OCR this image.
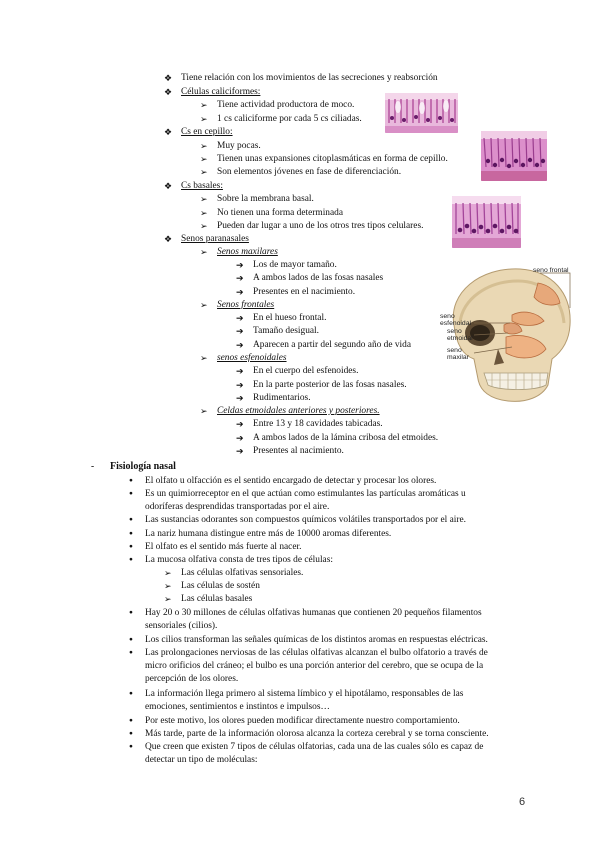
❖ Tiene relación con los movimientos de las secreciones y reabsorción
❖ Células caliciformes:
➢ Tiene actividad productora de moco.
➢ 1 cs caliciforme por cada 5 cs ciliadas.
❖ Cs en cepillo:
➢ Muy pocas.
➢ Tienen unas expansiones citoplasmáticas en forma de cepillo.
➢ Son elementos jóvenes en fase de diferenciación.
❖ Cs basales:
➢ Sobre la membrana basal.
➢ No tienen una forma determinada
➢ Pueden dar lugar a uno de los otros tres tipos celulares.
❖ Senos paranasales
➢ Senos maxilares
➔ Los de mayor tamaño.
➔ A ambos lados de las fosas nasales
➔ Presentes en el nacimiento.
➢ Senos frontales
➔ En el hueso frontal.
➔ Tamaño desigual.
➔ Aparecen a partir del segundo año de vida
➢ senos esfenoidales
➔ En el cuerpo del esfenoides.
➔ En la parte posterior de las fosas nasales.
➔ Rudimentarios.
➢ Celdas etmoidales anteriores y posteriores.
➔ Entre 13 y 18 cavidades tabicadas.
➔ A ambos lados de la lámina cribosa del etmoides.
➔ Presentes al nacimiento.
seno frontal
seno
esfenoidal
seno
etmoidal
seno
maxilar
- Fisiología nasal
● El olfato u olfacción es el sentido encargado de detectar y procesar los olores.
● Es un quimiorreceptor en el que actúan como estimulantes las partículas aromáticas u
odoríferas desprendidas transportadas por el aire.
● Las sustancias odorantes son compuestos químicos volátiles transportados por el aire.
● La nariz humana distingue entre más de 10000 aromas diferentes.
● El olfato es el sentido más fuerte al nacer.
● La mucosa olfativa consta de tres tipos de células:
➢ Las células olfativas sensoriales.
➢ Las células de sostén
➢ Las células basales
● Hay 20 o 30 millones de células olfativas humanas que contienen 20 pequeños filamentos
sensoriales (cilios).
● Los cilios transforman las señales químicas de los distintos aromas en respuestas eléctricas.
● Las prolongaciones nerviosas de las células olfativas alcanzan el bulbo olfatorio a través de
micro orificios del cráneo; el bulbo es una porción anterior del cerebro, que se ocupa de la
percepción de los olores.
● La información llega primero al sistema límbico y el hipotálamo, responsables de las
emociones, sentimientos e instintos e impulsos…
● Por este motivo, los olores pueden modificar directamente nuestro comportamiento.
● Más tarde, parte de la información olorosa alcanza la corteza cerebral y se torna consciente.
● Que creen que existen 7 tipos de células olfatorias, cada una de las cuales sólo es capaz de
detectar un tipo de moléculas:
6
